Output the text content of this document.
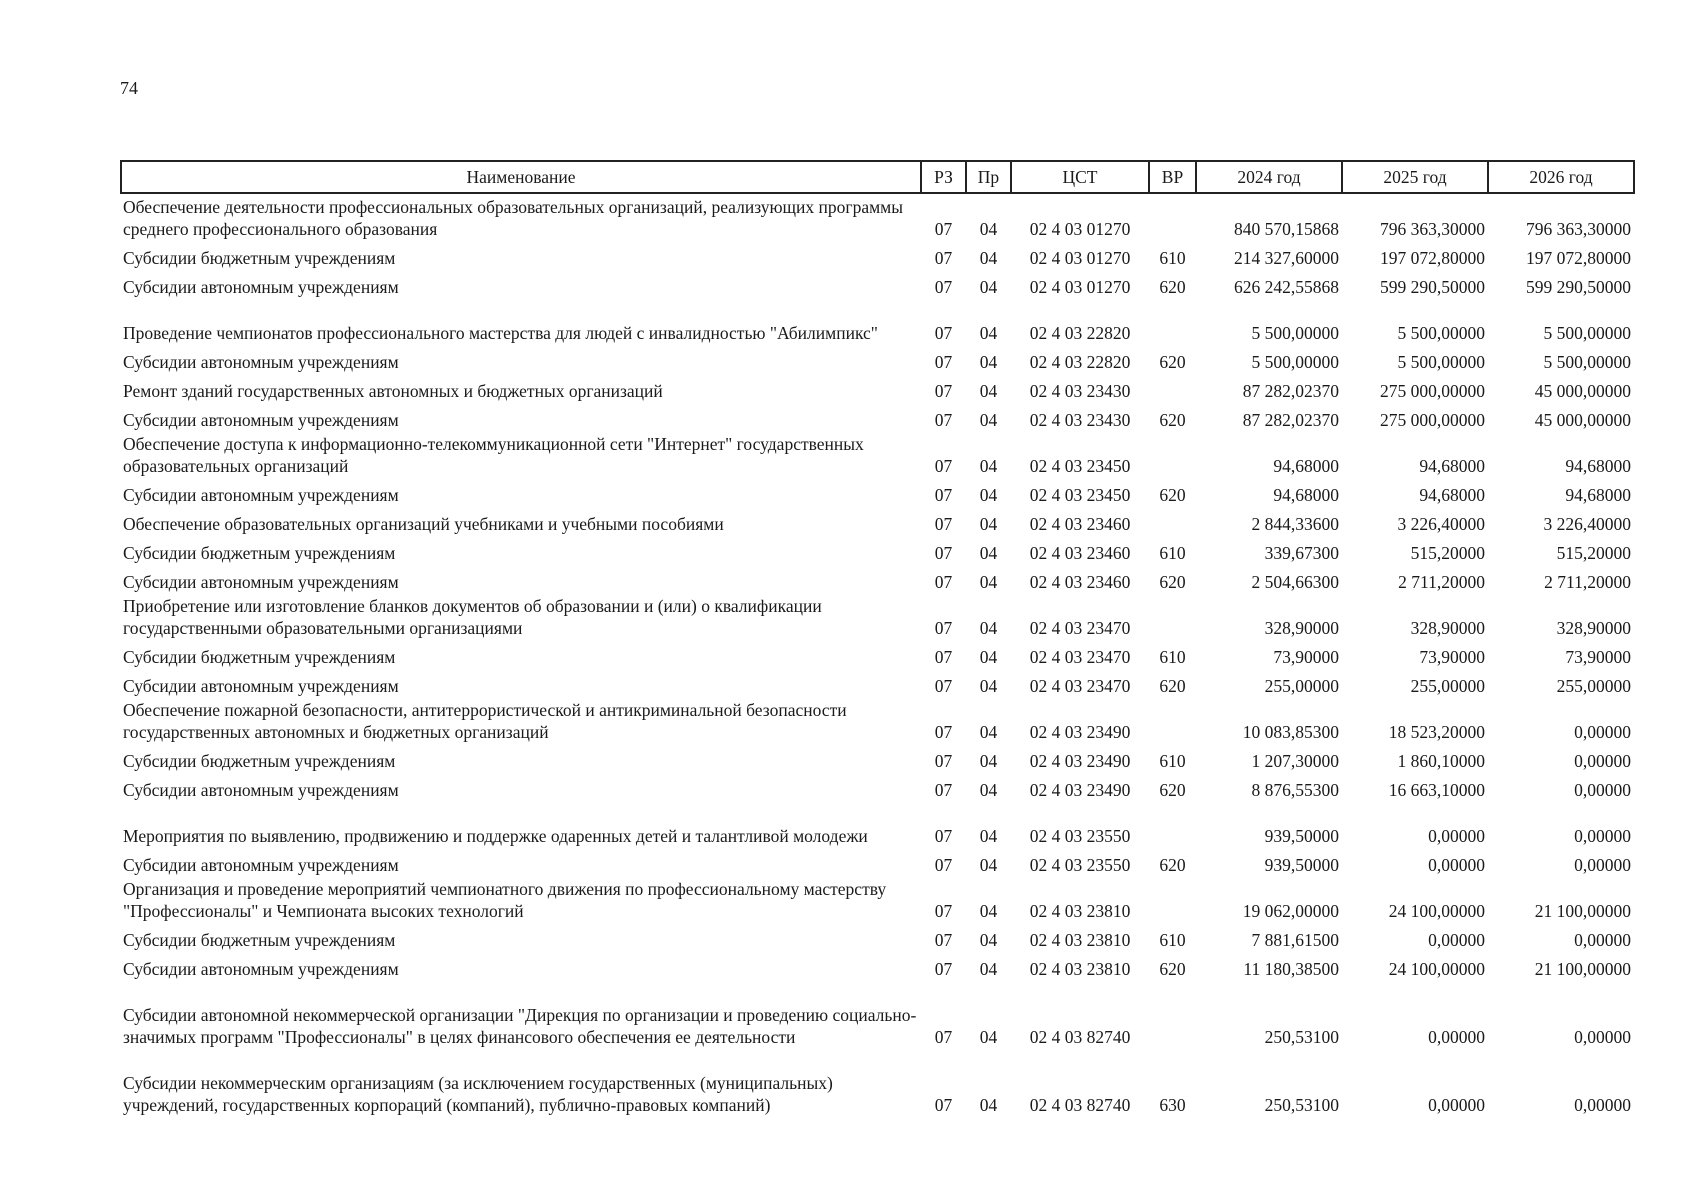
74
Наименование	РЗ	Пр	ЦСТ	ВР	2024 год	2025 год	2026 год
Обеспечение деятельности профессиональных образовательных организаций, реализующих программы среднего профессионального образования	07	04	02 4 03 01270		840 570,15868	796 363,30000	796 363,30000
Субсидии бюджетным учреждениям	07	04	02 4 03 01270	610	214 327,60000	197 072,80000	197 072,80000
Субсидии автономным учреждениям	07	04	02 4 03 01270	620	626 242,55868	599 290,50000	599 290,50000
Проведение чемпионатов профессионального мастерства для людей с инвалидностью "Абилимпикс"	07	04	02 4 03 22820		5 500,00000	5 500,00000	5 500,00000
Субсидии автономным учреждениям	07	04	02 4 03 22820	620	5 500,00000	5 500,00000	5 500,00000
Ремонт зданий государственных автономных и бюджетных организаций	07	04	02 4 03 23430		87 282,02370	275 000,00000	45 000,00000
Субсидии автономным учреждениям	07	04	02 4 03 23430	620	87 282,02370	275 000,00000	45 000,00000
Обеспечение доступа к информационно-телекоммуникационной сети "Интернет" государственных образовательных организаций	07	04	02 4 03 23450		94,68000	94,68000	94,68000
Субсидии автономным учреждениям	07	04	02 4 03 23450	620	94,68000	94,68000	94,68000
Обеспечение образовательных организаций учебниками и учебными пособиями	07	04	02 4 03 23460		2 844,33600	3 226,40000	3 226,40000
Субсидии бюджетным учреждениям	07	04	02 4 03 23460	610	339,67300	515,20000	515,20000
Субсидии автономным учреждениям	07	04	02 4 03 23460	620	2 504,66300	2 711,20000	2 711,20000
Приобретение или изготовление бланков документов об образовании и (или) о квалификации государственными образовательными организациями	07	04	02 4 03 23470		328,90000	328,90000	328,90000
Субсидии бюджетным учреждениям	07	04	02 4 03 23470	610	73,90000	73,90000	73,90000
Субсидии автономным учреждениям	07	04	02 4 03 23470	620	255,00000	255,00000	255,00000
Обеспечение пожарной безопасности, антитеррористической и антикриминальной безопасности государственных автономных и бюджетных организаций	07	04	02 4 03 23490		10 083,85300	18 523,20000	0,00000
Субсидии бюджетным учреждениям	07	04	02 4 03 23490	610	1 207,30000	1 860,10000	0,00000
Субсидии автономным учреждениям	07	04	02 4 03 23490	620	8 876,55300	16 663,10000	0,00000
Мероприятия по выявлению, продвижению и поддержке одаренных детей и талантливой молодежи	07	04	02 4 03 23550		939,50000	0,00000	0,00000
Субсидии автономным учреждениям	07	04	02 4 03 23550	620	939,50000	0,00000	0,00000
Организация и проведение мероприятий чемпионатного движения по профессиональному мастерству "Профессионалы" и Чемпионата высоких технологий	07	04	02 4 03 23810		19 062,00000	24 100,00000	21 100,00000
Субсидии бюджетным учреждениям	07	04	02 4 03 23810	610	7 881,61500	0,00000	0,00000
Субсидии автономным учреждениям	07	04	02 4 03 23810	620	11 180,38500	24 100,00000	21 100,00000
Субсидии автономной некоммерческой организации "Дирекция по организации и проведению социально-значимых программ "Профессионалы" в целях финансового обеспечения ее деятельности	07	04	02 4 03 82740		250,53100	0,00000	0,00000
Субсидии некоммерческим организациям (за исключением государственных (муниципальных) учреждений, государственных корпораций (компаний), публично-правовых компаний)	07	04	02 4 03 82740	630	250,53100	0,00000	0,00000
